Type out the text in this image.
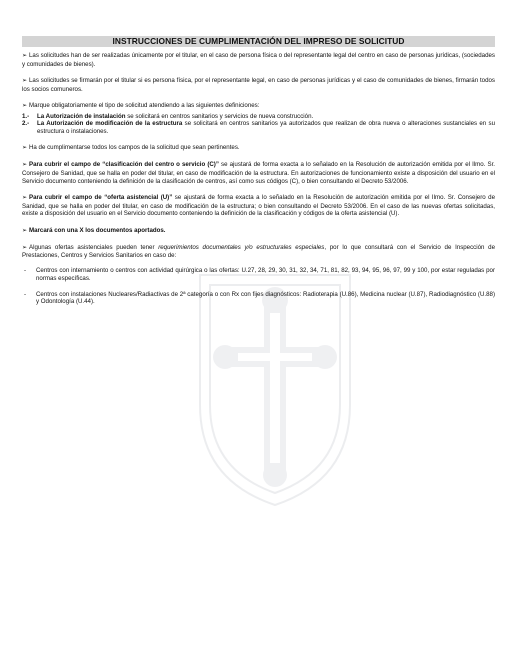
INSTRUCCIONES DE CUMPLIMENTACIÓN DEL IMPRESO DE SOLICITUD
➢ Las solicitudes han de ser realizadas únicamente por el titular, en el caso de persona física o del representante legal del centro en caso de personas jurídicas, (sociedades y comunidades de bienes).
➢ Las solicitudes se firmarán por el titular si es persona física, por el representante legal, en caso de personas jurídicas y el caso de comunidades de bienes, firmarán todos los socios comuneros.
➢ Marque obligatoriamente el tipo de solicitud atendiendo a las siguientes definiciones:
1.-	La Autorización de instalación se solicitará en centros sanitarios y servicios de nueva construcción.
2.-	La Autorización de modificación de la estructura se solicitará en centros sanitarios ya autorizados que realizan de obra nueva o alteraciones sustanciales en su estructura o instalaciones.
➢ Ha de cumplimentarse todos los campos de la solicitud que sean pertinentes.
➢ Para cubrir el campo de “clasificación del centro o servicio (C)” se ajustará de forma exacta a lo señalado en la Resolución de autorización emitida por el Ilmo. Sr. Consejero de Sanidad, que se halla en poder del titular, en caso de modificación de la estructura. En autorizaciones de funcionamiento existe a disposición del usuario en el Servicio documento conteniendo la definición de la clasificación de centros, así como sus códigos (C), o bien consultando el Decreto 53/2006.
➢ Para cubrir el campo de “oferta asistencial (U)” se ajustará de forma exacta a lo señalado en la Resolución de autorización emitida por el Ilmo. Sr. Consejero de Sanidad, que se halla en poder del titular, en caso de modificación de la estructura; o bien consultando el Decreto 53/2006. En el caso de las nuevas ofertas solicitadas, existe a disposición del usuario en el Servicio documento conteniendo la definición de la clasificación y códigos de la oferta asistencial (U).
➢ Marcará con una X los documentos aportados.
➢ Algunas ofertas asistenciales pueden tener requerimientos documentales y/o estructurales especiales, por lo que consultará con el Servicio de Inspección de Prestaciones, Centros y Servicios Sanitarios en caso de:
-	Centros con internamiento o centros con actividad quirúrgica o las ofertas: U.27, 28, 29, 30, 31, 32, 34, 71, 81, 82, 93, 94, 95, 96, 97, 99 y 100, por estar reguladas por normas específicas.
-	Centros con instalaciones Nucleares/Radiactivas de 2ª categoría o con Rx con fijes diagnósticos: Radioterapia (U.86), Medicina nuclear (U.87), Radiodiagnóstico (U.88) y Odontología (U.44).
